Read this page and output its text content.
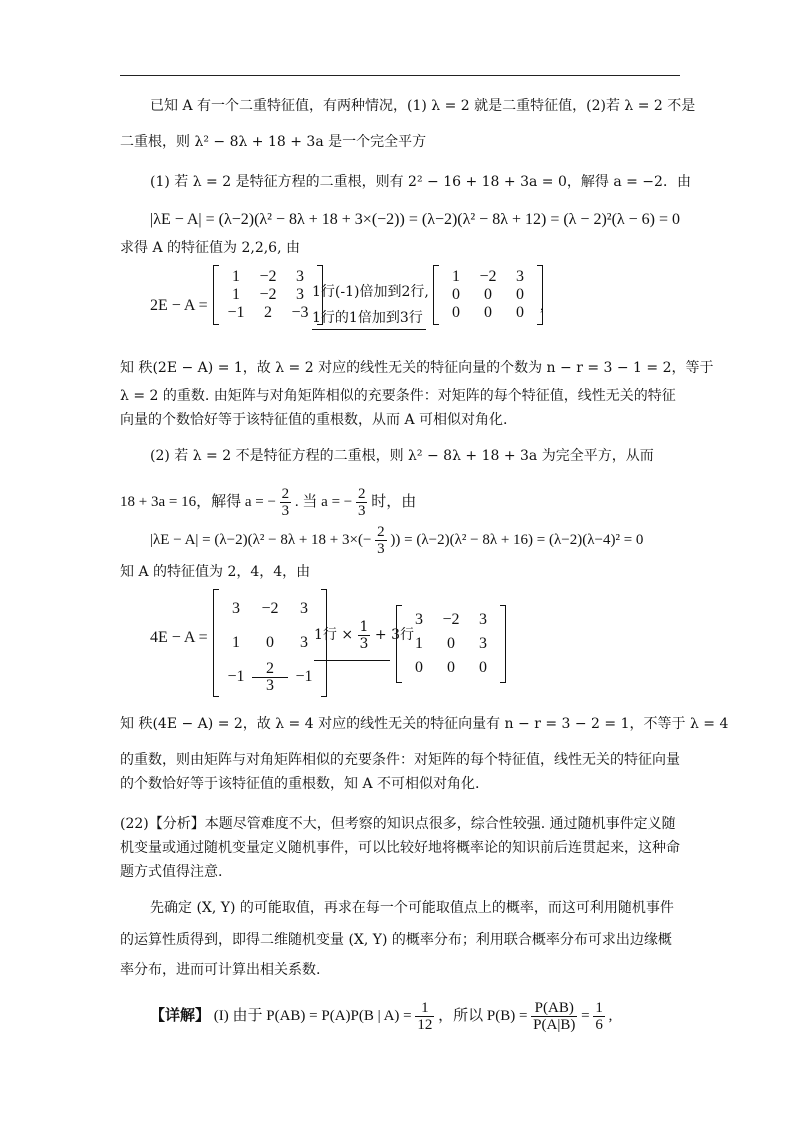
已知 A 有一个二重特征值，有两种情况，(1) λ = 2 就是二重特征值，(2)若 λ = 2 不是
二重根，则 λ² − 8λ + 18 + 3a 是一个完全平方
(1) 若 λ = 2 是特征方程的二重根，则有 2² − 16 + 18 + 3a = 0，解得 a = −2．由
|λE − A| = (λ−2)(λ² − 8λ + 18 + 3×(−2)) = (λ−2)(λ² − 8λ + 12) = (λ − 2)²(λ − 6) = 0
求得 A 的特征值为 2,2,6, 由
2E − A =
1	−2	3
1	−2	3
−1	2	−3
1行(-1)倍加到2行,
1行的1倍加到3行
1	−2	3
0	0	0
0	0	0	,
知 秩(2E − A) = 1，故 λ = 2 对应的线性无关的特征向量的个数为 n − r = 3 − 1 = 2，等于
λ = 2 的重数. 由矩阵与对角矩阵相似的充要条件：对矩阵的每个特征值，线性无关的特征
向量的个数恰好等于该特征值的重根数，从而 A 可相似对角化.
(2) 若 λ = 2 不是特征方程的二重根，则 λ² − 8λ + 18 + 3a 为完全平方，从而
18 + 3a = 16，解得 a = − $\frac{2}{3}$ . 当 a = − $\frac{2}{3}$ 时，由
$|\lambda E - A| = (\lambda-2)(\lambda^2 - 8\lambda + 18 + 3\times(- \frac{2}{3}$ )) = (λ−2)(λ² − 8λ + 16) = (λ−2)(λ−4)² = 0
知 A 的特征值为 2，4，4，由
4E − A =
3	−2	3
1	0	3
$-1 \frac{2}{3} -1$
1行 × $\frac{1}{3} + 3$行
3	−2	3
1	0	3
0	0	0
知 秩(4E − A) = 2，故 λ = 4 对应的线性无关的特征向量有 n − r = 3 − 2 = 1，不等于 λ = 4
的重数，则由矩阵与对角矩阵相似的充要条件：对矩阵的每个特征值，线性无关的特征向量
的个数恰好等于该特征值的重根数，知 A 不可相似对角化.
(22)【分析】本题尽管难度不大，但考察的知识点很多，综合性较强. 通过随机事件定义随
机变量或通过随机变量定义随机事件，可以比较好地将概率论的知识前后连贯起来，这种命
题方式值得注意.
先确定 (X, Y) 的可能取值，再求在每一个可能取值点上的概率，而这可利用随机事件
的运算性质得到，即得二维随机变量 (X, Y) 的概率分布；利用联合概率分布可求出边缘概
率分布，进而可计算出相关系数.
【详解】 (I) 由于 P(AB) = P(A)P(B | $A) = \frac{1}{12}$ ，所以 $P(B) = \frac{P(AB)}{P(A|B)} = \frac{1}{6}$ ,
